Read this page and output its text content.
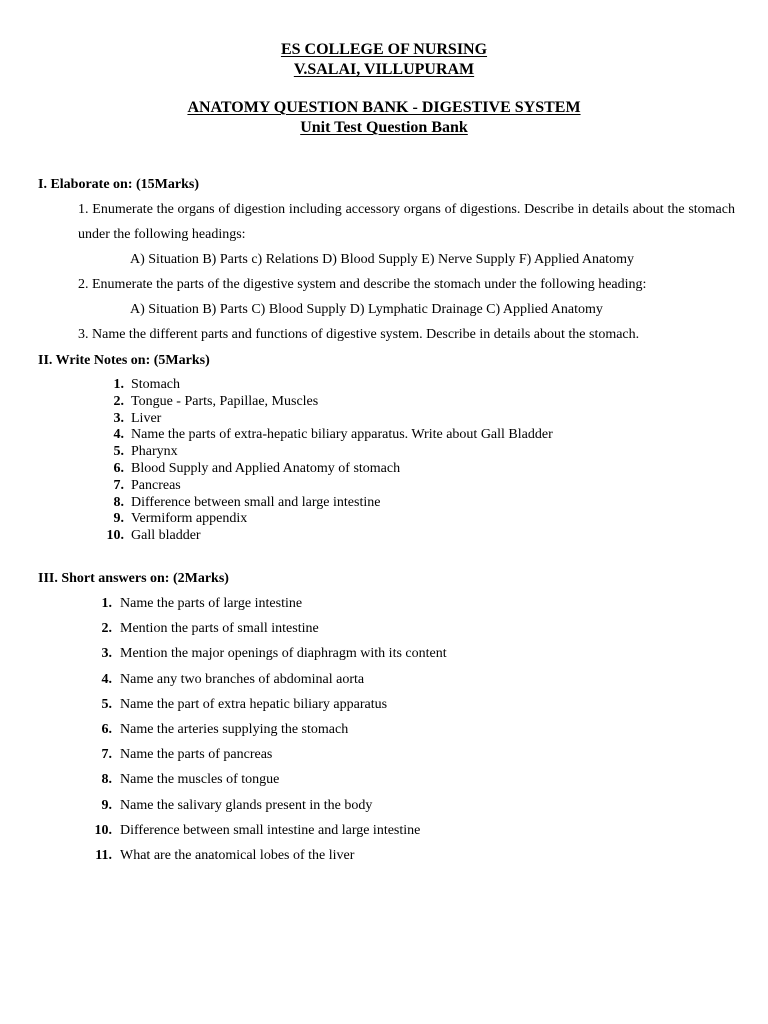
ES COLLEGE OF NURSING
V.SALAI, VILLUPURAM
ANATOMY QUESTION BANK - DIGESTIVE SYSTEM
Unit Test Question Bank
I. Elaborate on: (15Marks)
1. Enumerate the organs of digestion including accessory organs of digestions. Describe in details about the stomach under the following headings:
A) Situation B) Parts c) Relations D) Blood Supply E) Nerve Supply F) Applied Anatomy
2. Enumerate the parts of the digestive system and describe the stomach under the following heading:
A) Situation B) Parts C) Blood Supply D) Lymphatic Drainage C) Applied Anatomy
3. Name the different parts and functions of digestive system. Describe in details about the stomach.
II. Write Notes on: (5Marks)
1. Stomach
2. Tongue - Parts, Papillae, Muscles
3. Liver
4. Name the parts of extra-hepatic biliary apparatus. Write about Gall Bladder
5. Pharynx
6. Blood Supply and Applied Anatomy of stomach
7. Pancreas
8. Difference between small and large intestine
9. Vermiform appendix
10. Gall bladder
III. Short answers on: (2Marks)
1. Name the parts of large intestine
2. Mention the parts of small intestine
3. Mention the major openings of diaphragm with its content
4. Name any two branches of abdominal aorta
5. Name the part of extra hepatic biliary apparatus
6. Name the arteries supplying the stomach
7. Name the parts of pancreas
8. Name the muscles of tongue
9. Name the salivary glands present in the body
10. Difference between small intestine and large intestine
11. What are the anatomical lobes of the liver
